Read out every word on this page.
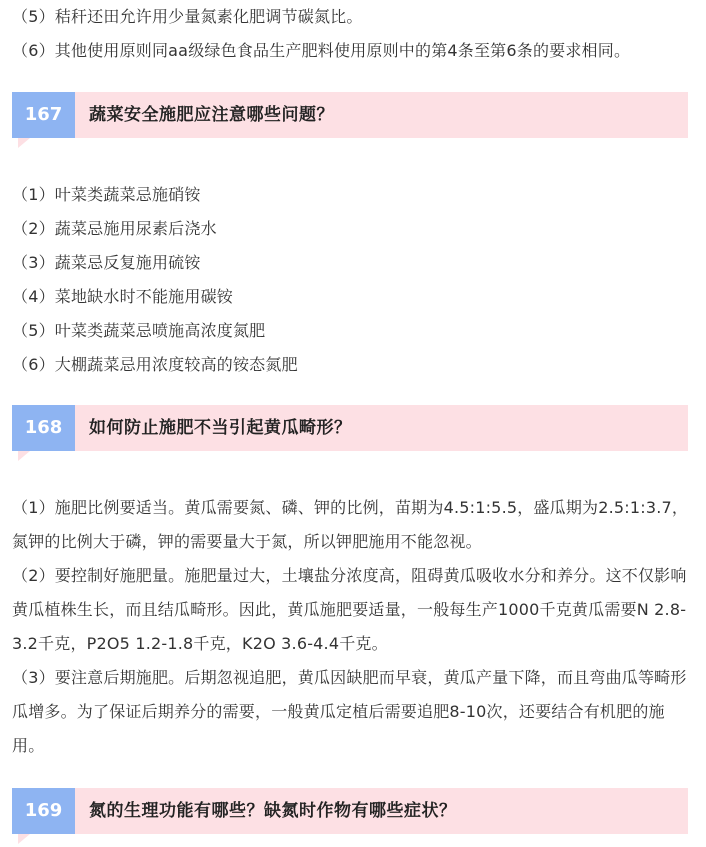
（5）秸秆还田允许用少量氮素化肥调节碳氮比。
（6）其他使用原则同aa级绿色食品生产肥料使用原则中的第4条至第6条的要求相同。
167	蔬菜安全施肥应注意哪些问题？
（1）叶菜类蔬菜忌施硝铵
（2）蔬菜忌施用尿素后浇水
（3）蔬菜忌反复施用硫铵
（4）菜地缺水时不能施用碳铵
（5）叶菜类蔬菜忌喷施高浓度氮肥
（6）大棚蔬菜忌用浓度较高的铵态氮肥
168	如何防止施肥不当引起黄瓜畸形？
（1）施肥比例要适当。黄瓜需要氮、磷、钾的比例，苗期为4.5:1:5.5，盛瓜期为2.5:1:3.7，氮钾的比例大于磷，钾的需要量大于氮，所以钾肥施用不能忽视。
（2）要控制好施肥量。施肥量过大，土壤盐分浓度高，阻碍黄瓜吸收水分和养分。这不仅影响黄瓜植株生长，而且结瓜畸形。因此，黄瓜施肥要适量，一般每生产1000千克黄瓜需要N 2.8-3.2千克，P2O5 1.2-1.8千克，K2O 3.6-4.4千克。
（3）要注意后期施肥。后期忽视追肥，黄瓜因缺肥而早衰，黄瓜产量下降，而且弯曲瓜等畸形瓜增多。为了保证后期养分的需要，一般黄瓜定植后需要追肥8-10次，还要结合有机肥的施用。
169	氮的生理功能有哪些？缺氮时作物有哪些症状？
